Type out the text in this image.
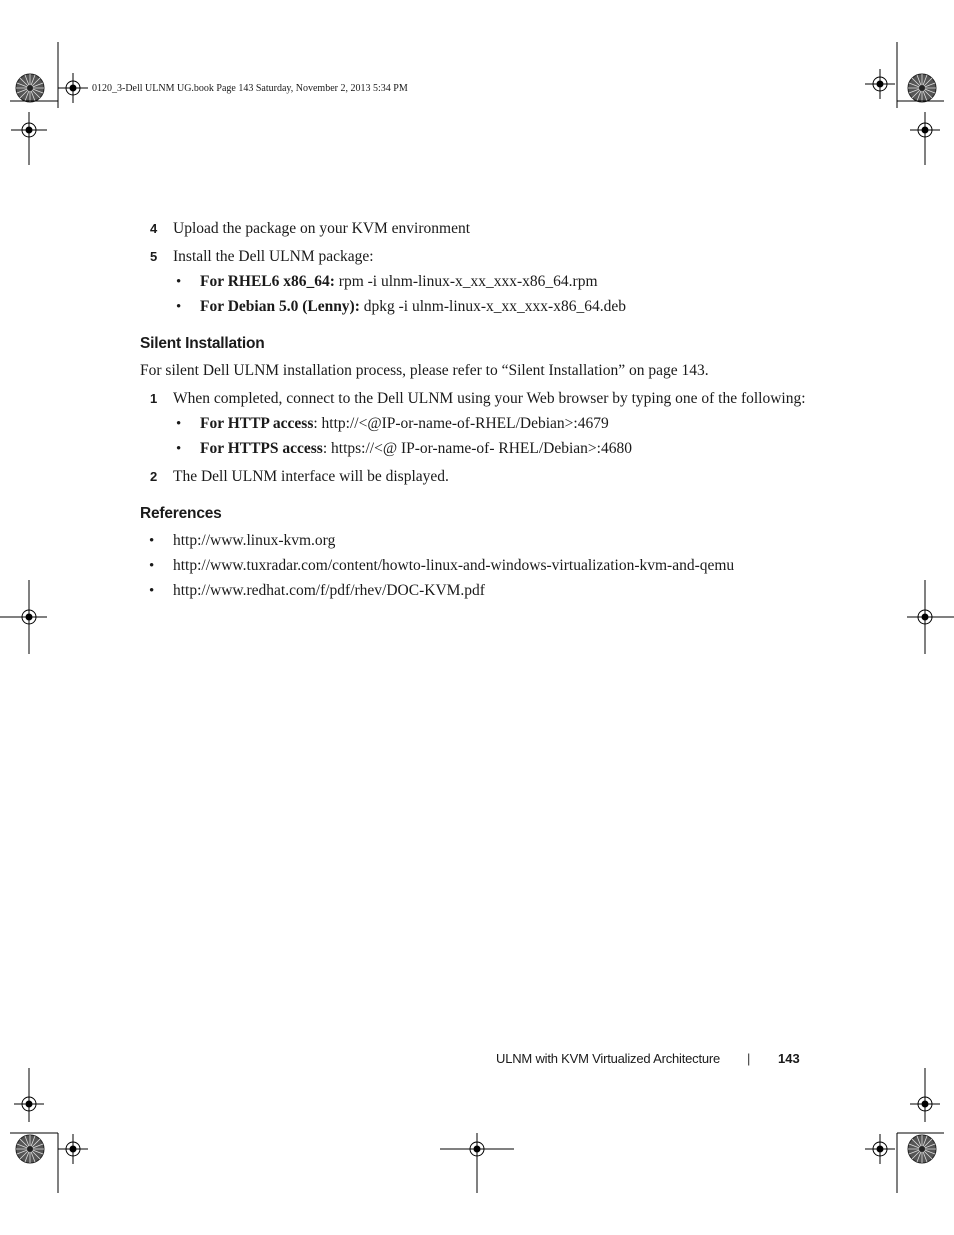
0120_3-Dell ULNM UG.book Page 143 Saturday, November 2, 2013 5:34 PM
4 Upload the package on your KVM environment
5 Install the Dell ULNM package:
• For RHEL6 x86_64: rpm -i ulnm-linux-x_xx_xxx-x86_64.rpm
• For Debian 5.0 (Lenny): dpkg -i ulnm-linux-x_xx_xxx-x86_64.deb
Silent Installation
For silent Dell ULNM installation process, please refer to “Silent Installation” on page 143.
1 When completed, connect to the Dell ULNM using your Web browser by typing one of the following:
• For HTTP access: http://<@IP-or-name-of-RHEL/Debian>:4679
• For HTTPS access: https://<@ IP-or-name-of- RHEL/Debian>:4680
2 The Dell ULNM interface will be displayed.
References
• http://www.linux-kvm.org
• http://www.tuxradar.com/content/howto-linux-and-windows-virtualization-kvm-and-qemu
• http://www.redhat.com/f/pdf/rhev/DOC-KVM.pdf
ULNM with KVM Virtualized Architecture | 143
